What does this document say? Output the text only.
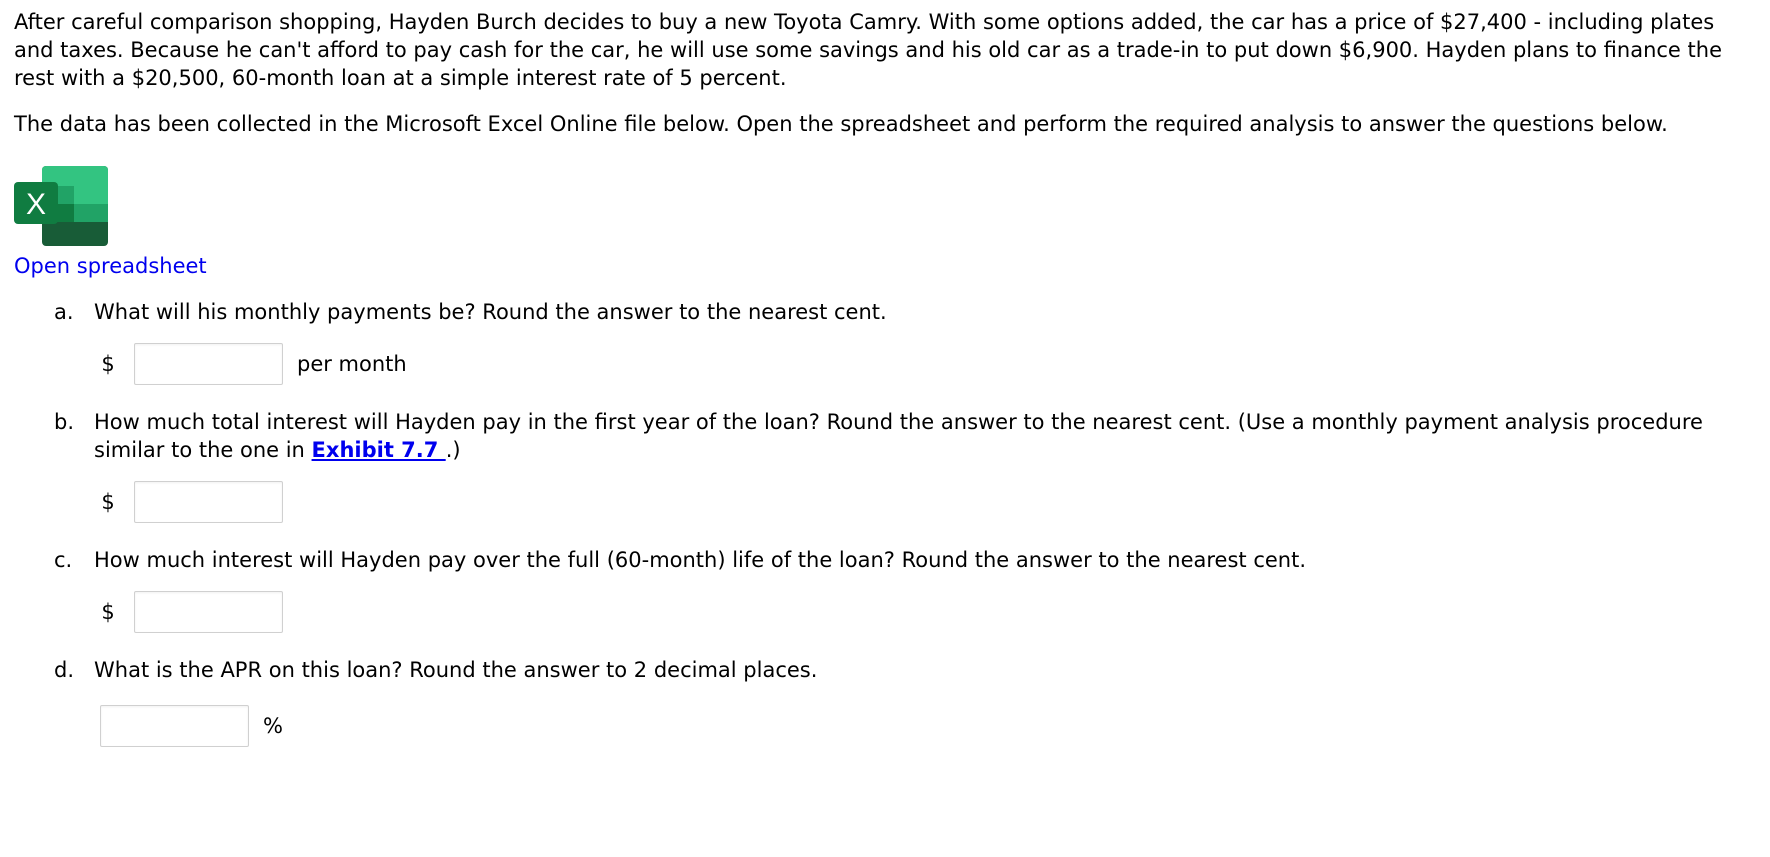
After careful comparison shopping, Hayden Burch decides to buy a new Toyota Camry. With some options added, the car has a price of $27,400 - including plates and taxes. Because he can't afford to pay cash for the car, he will use some savings and his old car as a trade-in to put down $6,900. Hayden plans to finance the rest with a $20,500, 60-month loan at a simple interest rate of 5 percent.

The data has been collected in the Microsoft Excel Online file below. Open the spreadsheet and perform the required analysis to answer the questions below.

X
Open spreadsheet
a. What will his monthly payments be? Round the answer to the nearest cent.
$	per month
b. How much total interest will Hayden pay in the first year of the loan? Round the answer to the nearest cent. (Use a monthly payment analysis procedure similar to the one in Exhibit 7.7 .)
$
c.	How much interest will Hayden pay over the full (60-month) life of the loan? Round the answer to the nearest cent.
$
d. What is the APR on this loan? Round the answer to 2 decimal places.
%
